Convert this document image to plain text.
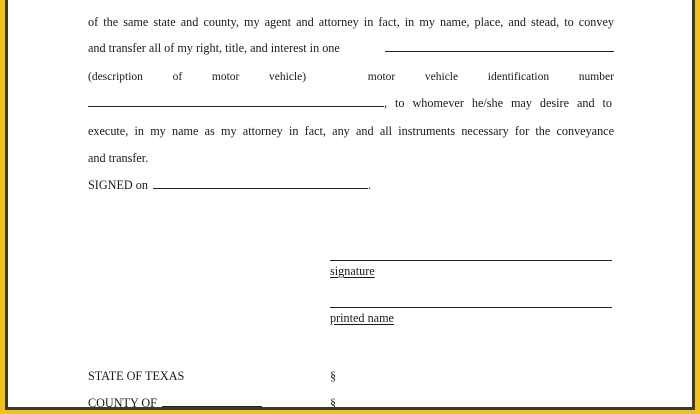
of the same state and county, my agent and attorney in fact, in my name, place, and stead, to convey
and transfer all of my right, title, and interest in one
(description	of	motor	vehicle)	motor	vehicle	identification	number
, to whomever he/she may desire and to
execute, in my name as my attorney in fact, any and all instruments necessary for the conveyance
and transfer.
SIGNED on	.
signature
printed name
STATE OF TEXAS	§
COUNTY OF	§
